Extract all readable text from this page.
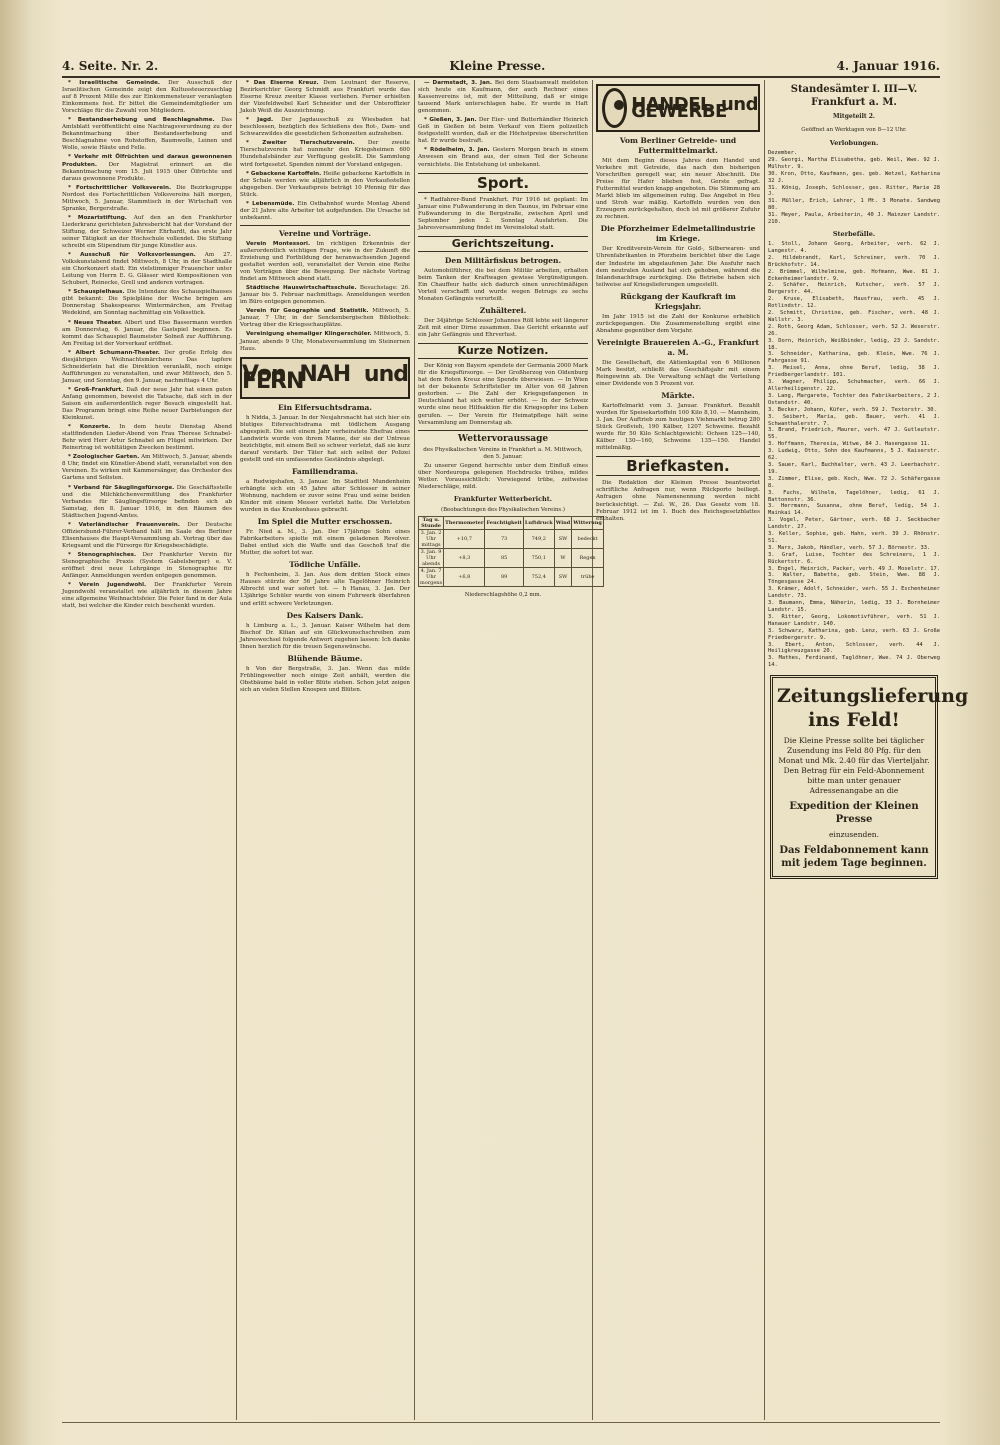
4. Seite. Nr. 2.	Kleine Presse.	4. Januar 1916.

* Israelitische Gemeinde. Der Ausschuß der Israelitischen Gemeinde zeigt den Kultussteuerzuschlag auf 8 Prozent Mille des zur Einkommensteuer veranlagten Einkommens fest. Er bittet die Gemeindemitglieder um Vorschläge für die Zuwahl von Mitgliedern.

* Bestandserhebung und Beschlagnahme. Das Amtsblatt veröffentlicht eine Nachtragsverordnung zu der Bekanntmachung über Bestandserhebung und Beschlagnahme von Rohstoffen, Baumwolle, Leinen und Wolle, sowie Häute und Felle.

* Verkehr mit Ölfrüchten und daraus gewonnenen Produkten. Der Magistrat erinnert an die Bekanntmachung vom 15. Juli 1915 über Ölfrüchte und daraus gewonnene Produkte.

* Fortschrittlicher Volksverein. Die Bezirksgruppe Nordost des Fortschrittlichen Volksvereins hält morgen, Mittwoch, 5. Januar, Stammtisch in der Wirtschaft von Spranke, Bergerstraße.

* Mozartstiftung. Auf den an den Frankfurter Liederkranz gerichteten Jahresbericht hat der Vorstand der Stiftung, der Schweizer Werner Ehrhardt, das erste Jahr seiner Tätigkeit an der Hochschule vollendet. Die Stiftung schreibt ein Stipendium für junge Künstler aus.

* Ausschuß für Volksvorlesungen. Am 27. Volkskunstabend findet Mittwoch, 8 Uhr, in der Stadthalle ein Chorkonzert statt. Ein vielstimmiger Frauenchor unter Leitung von Herrn E. G. Glässer wird Kompositionen von Schubert, Reinecke, Grell und anderen vortragen.

* Schauspielhaus. Die Intendanz des Schauspielhauses gibt bekannt: Die Spielpläne der Woche bringen am Donnerstag Shakespeares Wintermärchen, am Freitag Wedekind, am Sonntag nachmittag ein Volksstück.

* Neues Theater. Albert und Else Bassermann werden am Donnerstag, 6. Januar, die Gastspiel beginnen. Es kommt das Schauspiel Baumeister Solneß zur Aufführung. Am Freitag ist der Vorverkauf eröffnet.

* Albert Schumann-Theater. Der große Erfolg des diesjährigen Weihnachtsmärchens Das tapfere Schneiderlein hat die Direktion veranlaßt, noch einige Aufführungen zu veranstalten, und zwar Mittwoch, den 5. Januar, und Sonntag, den 9. Januar, nachmittags 4 Uhr.

* Groß-Frankfurt. Daß der neue Jahr hat einen guten Anfang genommen, beweist die Tatsache, daß sich in der Saison ein außerordentlich reger Besuch eingestellt hat. Das Programm bringt eine Reihe neuer Darbietungen der Kleinkunst.

* Konzerte. In dem heute Dienstag Abend stattfindenden Lieder-Abend von Frau Therese Schnabel-Behr wird Herr Artur Schnabel am Flügel mitwirken. Der Reinertrag ist wohltätigen Zwecken bestimmt.

* Zoologischer Garten. Am Mittwoch, 5. Januar, abends 8 Uhr, findet ein Künstler-Abend statt, veranstaltet von den Vereinen. Es wirken mit Kammersänger, das Orchester des Gartens und Solisten.

* Verband für Säuglingsfürsorge. Die Geschäftsstelle und die Milchküchenvermittlung des Frankfurter Verbandes für Säuglingsfürsorge befinden sich ab Samstag, den 8. Januar 1916, in den Räumen des Städtischen Jugend-Amtes.

* Vaterländischer Frauenverein. Der Deutsche Offiziersbund-Führer-Verband hält im Saale des Berliner Elisenhauses die Haupt-Versammlung ab. Vortrag über das Kriegsamt und die Fürsorge für Kriegsbeschädigte.

* Stenographisches. Der Frankfurter Verein für Stenographische Praxis (System Gabelsberger) e. V. eröffnet drei neue Lehrgänge in Stenographie für Anfänger. Anmeldungen werden entgegen genommen.

* Verein Jugendwohl. Der Frankfurter Verein Jugendwohl veranstaltet wie alljährlich in diesem Jahre eine allgemeine Weihnachtsfeier. Die Feier fand in der Aula statt, bei welcher die Kinder reich beschenkt wurden.

* Das Eiserne Kreuz. Dem Leutnant der Reserve, Bezirksrichter Georg Schmidt aus Frankfurt wurde das Eiserne Kreuz zweiter Klasse verliehen. Ferner erhielten der Vizefeldwebel Karl Schneider und der Unteroffizier Jakob Weiß die Auszeichnung.

* Jagd. Der Jagdausschuß zu Wiesbaden hat beschlossen, bezüglich des Schießens des Rot-, Dam- und Schwarzwildes die gesetzlichen Schonzeiten aufzuheben.

* Zweiter Tierschutzverein. Der zweite Tierschutzverein hat nunmehr den Kriegsheimen 600 Hundehalsbänder zur Verfügung gestellt. Die Sammlung wird fortgesetzt. Spenden nimmt der Vorstand entgegen.

* Gebackene Kartoffeln. Heiße gebackene Kartoffeln in der Schale werden wie alljährlich in den Verkaufsstellen abgegeben. Der Verkaufspreis beträgt 10 Pfennig für das Stück.

* Lebensmüde. Ein Ostbahnhof wurde Montag Abend der 21 Jahre alte Arbeiter tot aufgefunden. Die Ursache ist unbekannt.

Vereine und Vorträge.

Verein Montessori. Im richtigen Erkenntnis der außerordentlich wichtigen Frage, wie in der Zukunft die Erziehung und Fortbildung der heranwachsenden Jugend gestaltet werden soll, veranstaltet der Verein eine Reihe von Vorträgen über die Bewegung. Der nächste Vortrag findet am Mittwoch abend statt.

Städtische Hauswirtschaftsschule. Besuchstage: 26. Januar bis 5. Februar nachmittags. Anmeldungen werden im Büro entgegen genommen.

Verein für Geographie und Statistik. Mittwoch, 5. Januar, 7 Uhr, in der Senckenbergischen Bibliothek: Vortrag über die Kriegsschauplätze.

Vereinigung ehemaliger Klingerschüler. Mittwoch, 5. Januar, abends 9 Uhr, Monatsversammlung im Steinernen Haus.

Von NAH und FERN
Ein Eifersuchtsdrama.

h Nidda, 3. Januar. In der Neujahrsnacht hat sich hier ein blutiges Eifersuchtsdrama mit tödlichem Ausgang abgespielt. Die seit einem Jahr verheiratete Ehefrau eines Landwirts wurde von ihrem Manne, der sie der Untreue bezichtigte, mit einem Beil so schwer verletzt, daß sie kurz darauf verstarb. Der Täter hat sich selbst der Polizei gestellt und ein umfassendes Geständnis abgelegt.

Familiendrama.

a Rudwigshafen, 3. Januar. Im Stadtteil Mundenheim erhängte sich ein 45 Jahre alter Schlosser in seiner Wohnung, nachdem er zuvor seine Frau und seine beiden Kinder mit einem Messer verletzt hatte. Die Verletzten wurden in das Krankenhaus gebracht.

Im Spiel die Mutter erschossen.

Fr. Nied a. M., 3. Jan. Der 17jährige Sohn eines Fabrikarbeiters spielte mit einem geladenen Revolver. Dabei entlud sich die Waffe und das Geschoß traf die Mutter, die sofort tot war.

Tödliche Unfälle.

h Fechenheim, 3. Jan. Aus dem dritten Stock eines Hauses stürzte der 56 Jahre alte Tagelöhner Heinrich Albrecht und war sofort tot. — h Hanau, 3. Jan. Der 13jährige Schüler wurde von einem Fuhrwerk überfahren und erlitt schwere Verletzungen.

Des Kaisers Dank.

h Limburg a. L., 3. Januar. Kaiser Wilhelm hat dem Bischof Dr. Kilian auf ein Glückwunschschreiben zum Jahreswechsel folgende Antwort zugehen lassen: Ich danke Ihnen herzlich für die treuen Segenswünsche.

Blühende Bäume.

h Von der Bergstraße, 3. Jan. Wenn das milde Frühlingswetter noch einige Zeit anhält, werden die Obstbäume bald in voller Blüte stehen. Schon jetzt zeigen sich an vielen Stellen Knospen und Blüten.

— Darmstadt, 3. Jan. Bei dem Staatsanwalt meldeten sich heute ein Kaufmann, der auch Rechner eines Kassenvereins ist, mit der Mitteilung, daß er einige tausend Mark unterschlagen habe. Er wurde in Haft genommen.

* Gießen, 3. Jan. Der Eier- und Butterhändler Heinrich Geß in Gießen ist beim Verkauf von Eiern polizeilich festgestellt worden, daß er die Höchstpreise überschritten hat. Er wurde bestraft.

* Rödelheim, 3. Jan. Gestern Morgen brach in einem Anwesen ein Brand aus, der einen Teil der Scheune vernichtete. Die Entstehung ist unbekannt.

Sport.

* Radfahrer-Bund Frankfurt. Für 1916 ist geplant: Im Januar eine Fußwanderung in den Taunus, im Februar eine Fußwanderung in die Bergstraße, zwischen April und September jeden 2. Sonntag Ausfahrten. Die Jahresversammlung findet im Vereinslokal statt.

Gerichtszeitung.
Den Militärfiskus betrogen.

Automobilführer, die bei dem Militär arbeiten, erhalten beim Tanken der Kraftwagen gewisse Vergünstigungen. Ein Chauffeur hatte sich dadurch einen unrechtmäßigen Vorteil verschafft und wurde wegen Betrugs zu sechs Monaten Gefängnis verurteilt.

Zuhälterei.

Der 34jährige Schlosser Johannes Röll lebte seit längerer Zeit mit einer Dirne zusammen. Das Gericht erkannte auf ein Jahr Gefängnis und Ehrverlust.

Kurze Notizen.

Der König von Bayern spendete der Germania 2000 Mark für die Kriegsfürsorge. — Der Großherzog von Oldenburg hat dem Roten Kreuz eine Spende überwiesen. — In Wien ist der bekannte Schriftsteller im Alter von 68 Jahren gestorben. — Die Zahl der Kriegsgefangenen in Deutschland hat sich weiter erhöht. — In der Schweiz wurde eine neue Hilfsaktion für die Kriegsopfer ins Leben gerufen. — Der Verein für Heimatpflege hält seine Versammlung am Donnerstag ab.

Wettervoraussage
des Physikalischen Vereins in Frankfurt a. M. Mittwoch, den 5. Januar.

Zu unserer Gegend herrschte unter dem Einfluß eines über Nordeuropa gelegenen Hochdrucks trübes, mildes Wetter. Voraussichtlich: Vorwiegend trübe, zeitweise Niederschläge, mild.

Frankfurter Wetterbericht.
(Beobachtungen des Physikalischen Vereins.)
Tag u. Stunde	Thermometer	Feuchtigkeit	Luftdruck	Wind	Witterung
3. Jan. 2 Uhr mittags	+10,7	73	749,2	SW	bedeckt
3. Jan. 9 Uhr abends	+8,3	85	750,1	W	Regen
4. Jan. 7 Uhr morgens	+6,8	89	752,4	SW	trübe
Niederschlagshöhe 0,2 mm.
HANDEL und GEWERBE
Vom Berliner Getreide- und Futtermittelmarkt.

Mit dem Beginn dieses Jahres dem Handel und Verkehre mit Getreide, das nach den bisherigen Vorschriften geregelt war, ein neuer Abschnitt. Die Preise für Hafer blieben fest, Gerste gefragt. Futtermittel wurden knapp angeboten. Die Stimmung am Markt blieb im allgemeinen ruhig. Das Angebot in Heu und Stroh war mäßig. Kartoffeln wurden von den Erzeugern zurückgehalten, doch ist mit größerer Zufuhr zu rechnen.

Die Pforzheimer Edelmetallindustrie im Kriege.

Der Kreditverein-Verein für Gold-, Silberwaren- und Uhrenfabrikanten in Pforzheim berichtet über die Lage der Industrie im abgelaufenen Jahr. Die Ausfuhr nach dem neutralen Ausland hat sich gehoben, während die Inlandsnachfrage zurückging. Die Betriebe haben sich teilweise auf Kriegslieferungen umgestellt.

Rückgang der Kaufkraft im Kriegsjahr.

Im Jahr 1915 ist die Zahl der Konkurse erheblich zurückgegangen. Die Zusammenstellung ergibt eine Abnahme gegenüber dem Vorjahr.

Vereinigte Brauereien A.-G., Frankfurt a. M.

Die Gesellschaft, die Aktienkapital von 6 Millionen Mark besitzt, schließt das Geschäftsjahr mit einem Reingewinn ab. Die Verwaltung schlägt die Verteilung einer Dividende von 5 Prozent vor.

Märkte.

Kartoffelmarkt vom 3. Januar. Frankfurt. Bezahlt wurden für Speisekartoffeln 100 Kilo 8,10. — Mannheim, 3. Jan. Der Auftrieb zum heutigen Viehmarkt betrug 280 Stück Großvieh, 190 Kälber, 1207 Schweine. Bezahlt wurde für 50 Kilo Schlachtgewicht: Ochsen 125—140, Kälber 130—160, Schweine 135—150. Handel mittelmäßig.

Briefkasten.

Die Redaktion der Kleinen Presse beantwortet schriftliche Anfragen nur, wenn Rückporto beiliegt. Anfragen ohne Namensnennung werden nicht berücksichtigt. — Zul. W., 26. Das Gesetz vom 18. Februar 1912 ist im 1. Buch des Reichsgesetzblattes enthalten.

Standesämter I. III—V. Frankfurt a. M.
Mitgeteilt 2.
Geöffnet an Werktagen von 8—12 Uhr.
Verlobungen.
Dezember.
29. Georgi, Martha Elisabetha, geb. Weil, Wwe. 92 J. Mülhstr. 9.
30. Kron, Otto, Kaufmann, ges. geb. Wetzel, Katharina 32 J.
31. König, Joseph, Schlosser, ges. Ritter, Marie 28 J.
31. Müller, Erich, Lehrer, 1 Mt. 3 Monate. Sandweg 80.
31. Meyer, Paula, Arbeiterin, 40 J. Mainzer Landstr. 210.
Sterbefälle.
1. Stoll, Johann Georg, Arbeiter, verh. 62 J. Langestr. 4.
2. Hildebrandt, Karl, Schreiner, verh. 70 J. Brückhofstr. 14.
2. Brümmel, Wilhelmine, geb. Hofmann, Wwe. 81 J. Eckenheimerlandstr. 9.
2. Schäfer, Heinrich, Kutscher, verh. 57 J. Bergerstr. 44.
2. Kruse, Elisabeth, Hausfrau, verh. 45 J. Rotlindstr. 12.
2. Schmitt, Christine, geb. Fischer, verh. 48 J. Wallstr. 3.
2. Roth, Georg Adam, Schlosser, verh. 52 J. Weserstr. 26.
3. Dorn, Heinrich, Weißbinder, ledig, 23 J. Sandstr. 18.
3. Schneider, Katharina, geb. Klein, Wwe. 76 J. Fahrgasse 91.
3. Meisel, Anna, ohne Beruf, ledig, 38 J. Friedbergerlandstr. 101.
3. Wagner, Philipp, Schuhmacher, verh. 66 J. Allerheiligenstr. 22.
3. Lang, Margarete, Tochter des Fabrikarbeiters, 2 J. Ostendstr. 40.
3. Becker, Johann, Küfer, verh. 59 J. Textorstr. 30.
3. Seibert, Maria, geb. Bauer, verh. 41 J. Schwanthalerstr. 7.
3. Brand, Friedrich, Maurer, verh. 47 J. Gutleutstr. 55.
3. Hoffmann, Theresia, Witwe, 84 J. Hasengasse 11.
3. Ludwig, Otto, Sohn des Kaufmanns, 5 J. Kaiserstr. 62.
3. Sauer, Karl, Buchhalter, verh. 43 J. Leerbachstr. 19.
3. Zimmer, Elise, geb. Koch, Wwe. 72 J. Schäfergasse 8.
3. Fuchs, Wilhelm, Tagelöhner, ledig, 61 J. Battonnstr. 36.
3. Herrmann, Susanna, ohne Beruf, ledig, 54 J. Mainkai 14.
3. Vogel, Peter, Gärtner, verh. 68 J. Seckbacher Landstr. 27.
3. Keller, Sophie, geb. Hahn, verh. 39 J. Rhönstr. 51.
3. Marx, Jakob, Händler, verh. 57 J. Börnestr. 33.
3. Graf, Luise, Tochter des Schreiners, 1 J. Rückertstr. 6.
3. Engel, Heinrich, Packer, verh. 49 J. Moselstr. 17.
3. Walter, Babette, geb. Stein, Wwe. 88 J. Töngesgasse 24.
3. Krämer, Adolf, Schneider, verh. 55 J. Eschenheimer Landstr. 73.
3. Baumann, Emma, Näherin, ledig, 33 J. Bornheimer Landstr. 15.
3. Ritter, Georg, Lokomotivführer, verh. 51 J. Hanauer Landstr. 140.
3. Schwarz, Katharina, geb. Lenz, verh. 63 J. Große Friedbergerstr. 9.
3. Ebert, Anton, Schlosser, verh. 44 J. Heiligkreuzgasse 20.
3. Mathes, Ferdinand, Taglöhner, Wwe. 74 J. Oberweg 14.
Zeitungslieferung
ins Feld!
Die Kleine Presse sollte bei täglicher Zusendung ins Feld 80 Pfg. für den Monat und Mk. 2.40 für das Vierteljahr. Den Betrag für ein Feld-Abonnement bitte man unter genauer Adressenangabe an die
Expedition der Kleinen Presse
einzusenden.
Das Feldabonnement kann mit jedem Tage beginnen.
